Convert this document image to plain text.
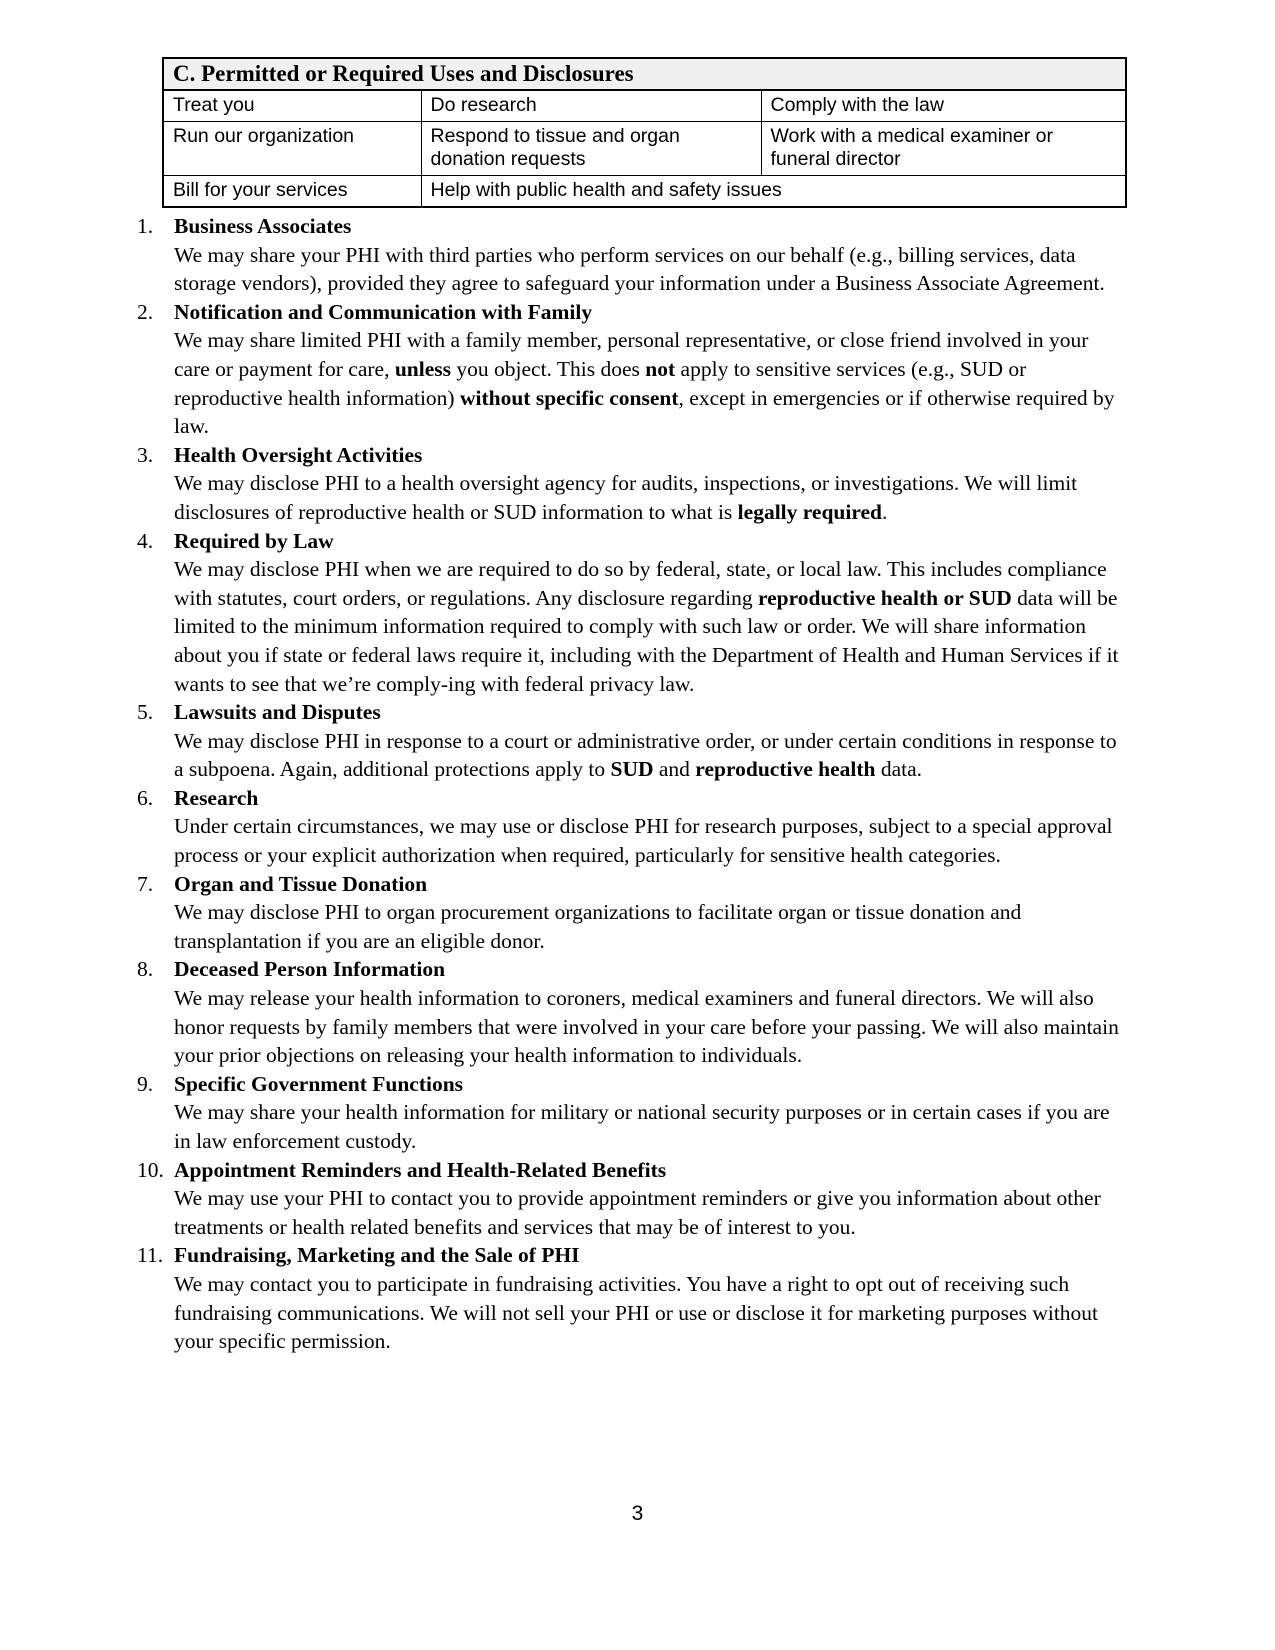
C. Permitted or Required Uses and Disclosures		
Treat you	Do research	Comply with the law
Run our organization	Respond to tissue and organ donation requests	Work with a medical examiner or funeral director
Bill for your services	Help with public health and safety issues	
1. Business Associates
We may share your PHI with third parties who perform services on our behalf (e.g., billing services, data storage vendors), provided they agree to safeguard your information under a Business Associate Agreement.
2. Notification and Communication with Family
We may share limited PHI with a family member, personal representative, or close friend involved in your care or payment for care, unless you object. This does not apply to sensitive services (e.g., SUD or reproductive health information) without specific consent, except in emergencies or if otherwise required by law.
3. Health Oversight Activities
We may disclose PHI to a health oversight agency for audits, inspections, or investigations. We will limit disclosures of reproductive health or SUD information to what is legally required.
4. Required by Law
We may disclose PHI when we are required to do so by federal, state, or local law. This includes compliance with statutes, court orders, or regulations. Any disclosure regarding reproductive health or SUD data will be limited to the minimum information required to comply with such law or order. We will share information about you if state or federal laws require it, including with the Department of Health and Human Services if it wants to see that we’re comply-ing with federal privacy law.
5. Lawsuits and Disputes
We may disclose PHI in response to a court or administrative order, or under certain conditions in response to a subpoena. Again, additional protections apply to SUD and reproductive health data.
6. Research
Under certain circumstances, we may use or disclose PHI for research purposes, subject to a special approval process or your explicit authorization when required, particularly for sensitive health categories.
7. Organ and Tissue Donation
We may disclose PHI to organ procurement organizations to facilitate organ or tissue donation and transplantation if you are an eligible donor.
8. Deceased Person Information
We may release your health information to coroners, medical examiners and funeral directors. We will also honor requests by family members that were involved in your care before your passing. We will also maintain your prior objections on releasing your health information to individuals.
9. Specific Government Functions
We may share your health information for military or national security purposes or in certain cases if you are in law enforcement custody.
10. Appointment Reminders and Health-Related Benefits
We may use your PHI to contact you to provide appointment reminders or give you information about other treatments or health related benefits and services that may be of interest to you.
11. Fundraising, Marketing and the Sale of PHI
We may contact you to participate in fundraising activities. You have a right to opt out of receiving such fundraising communications. We will not sell your PHI or use or disclose it for marketing purposes without your specific permission.
3
